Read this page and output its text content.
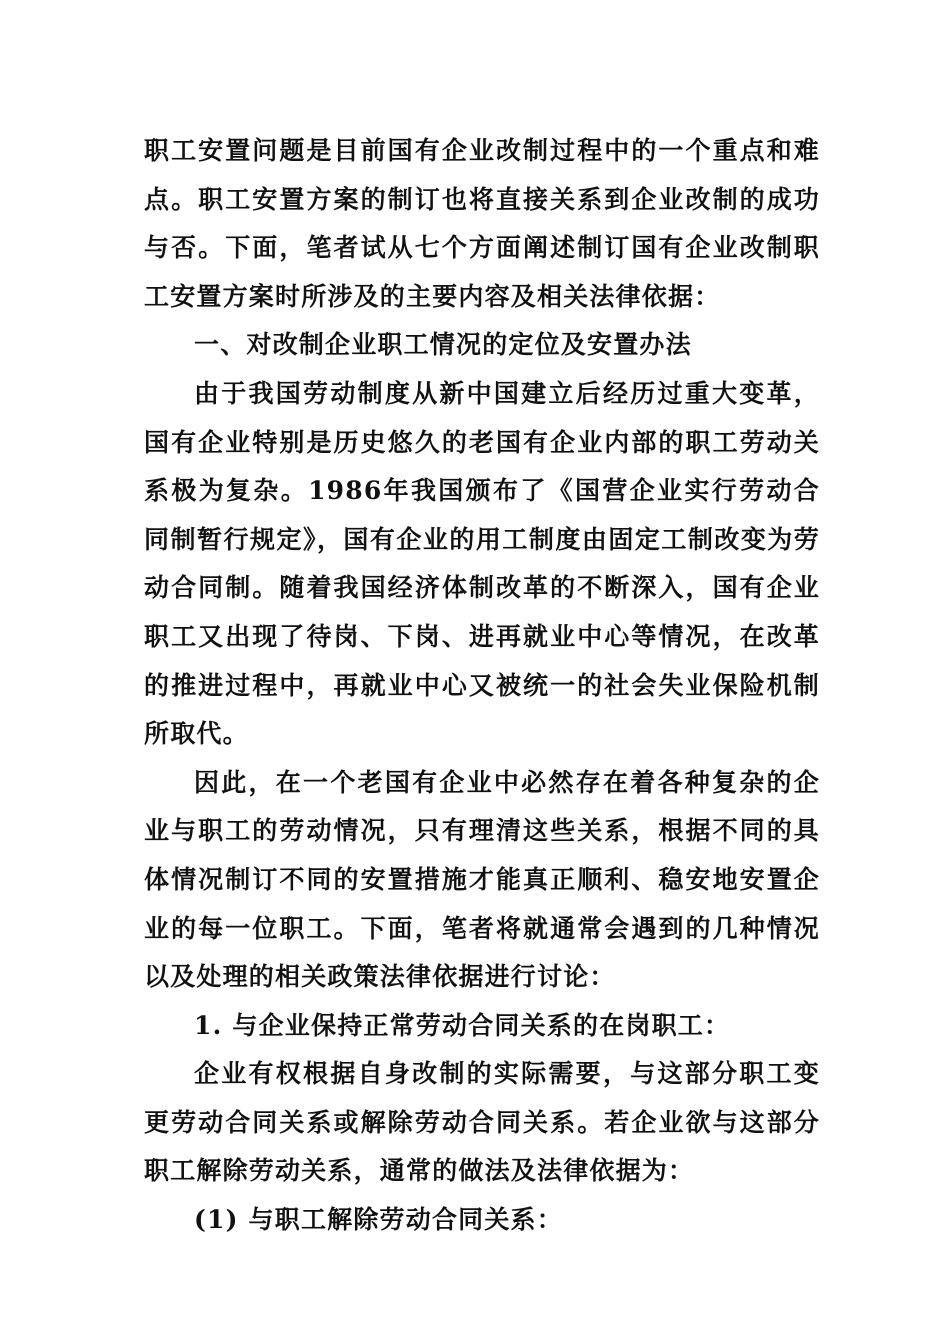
职工安置问题是目前国有企业改制过程中的一个重点和难点。职工安置方案的制订也将直接关系到企业改制的成功与否。下面，笔者试从七个方面阐述制订国有企业改制职工安置方案时所涉及的主要内容及相关法律依据：

一、对改制企业职工情况的定位及安置办法

由于我国劳动制度从新中国建立后经历过重大变革，国有企业特别是历史悠久的老国有企业内部的职工劳动关系极为复杂。1986年我国颁布了《国营企业实行劳动合同制暂行规定》，国有企业的用工制度由固定工制改变为劳动合同制。随着我国经济体制改革的不断深入，国有企业职工又出现了待岗、下岗、进再就业中心等情况，在改革的推进过程中，再就业中心又被统一的社会失业保险机制所取代。

因此，在一个老国有企业中必然存在着各种复杂的企业与职工的劳动情况，只有理清这些关系，根据不同的具体情况制订不同的安置措施才能真正顺利、稳安地安置企业的每一位职工。下面，笔者将就通常会遇到的几种情况以及处理的相关政策法律依据进行讨论：

1. 与企业保持正常劳动合同关系的在岗职工：

企业有权根据自身改制的实际需要，与这部分职工变更劳动合同关系或解除劳动合同关系。若企业欲与这部分职工解除劳动关系，通常的做法及法律依据为：

(1) 与职工解除劳动合同关系：
